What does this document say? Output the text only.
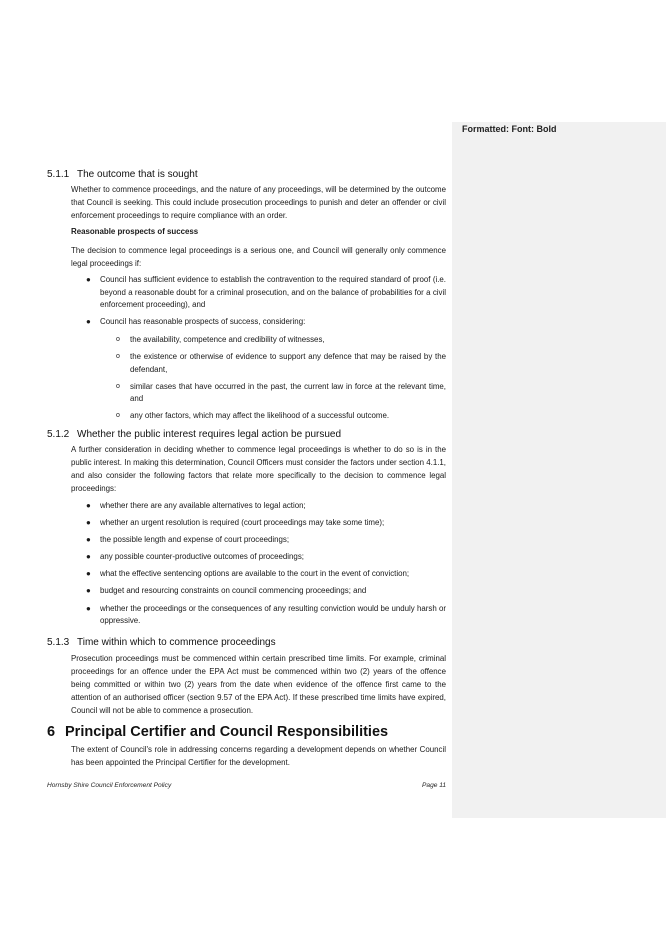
Formatted: Font: Bold
5.1.1 The outcome that is sought
Whether to commence proceedings, and the nature of any proceedings, will be determined by the outcome that Council is seeking. This could include prosecution proceedings to punish and deter an offender or civil enforcement proceedings to require compliance with an order.
Reasonable prospects of success
The decision to commence legal proceedings is a serious one, and Council will generally only commence legal proceedings if:
● Council has sufficient evidence to establish the contravention to the required standard of proof (i.e. beyond a reasonable doubt for a criminal prosecution, and on the balance of probabilities for a civil enforcement proceeding), and
● Council has reasonable prospects of success, considering:
o the availability, competence and credibility of witnesses,
o the existence or otherwise of evidence to support any defence that may be raised by the defendant,
o similar cases that have occurred in the past, the current law in force at the relevant time, and
o any other factors, which may affect the likelihood of a successful outcome.
5.1.2 Whether the public interest requires legal action be pursued
A further consideration in deciding whether to commence legal proceedings is whether to do so is in the public interest. In making this determination, Council Officers must consider the factors under section 4.1.1, and also consider the following factors that relate more specifically to the decision to commence legal proceedings:
● whether there are any available alternatives to legal action;
● whether an urgent resolution is required (court proceedings may take some time);
● the possible length and expense of court proceedings;
● any possible counter-productive outcomes of proceedings;
● what the effective sentencing options are available to the court in the event of conviction;
● budget and resourcing constraints on council commencing proceedings; and
● whether the proceedings or the consequences of any resulting conviction would be unduly harsh or oppressive.
5.1.3 Time within which to commence proceedings
Prosecution proceedings must be commenced within certain prescribed time limits. For example, criminal proceedings for an offence under the EPA Act must be commenced within two (2) years of the offence being committed or within two (2) years from the date when evidence of the offence first came to the attention of an authorised officer (section 9.57 of the EPA Act). If these prescribed time limits have expired, Council will not be able to commence a prosecution.
6 Principal Certifier and Council Responsibilities
The extent of Council's role in addressing concerns regarding a development depends on whether Council has been appointed the Principal Certifier for the development.
Hornsby Shire Council Enforcement Policy	Page 11
